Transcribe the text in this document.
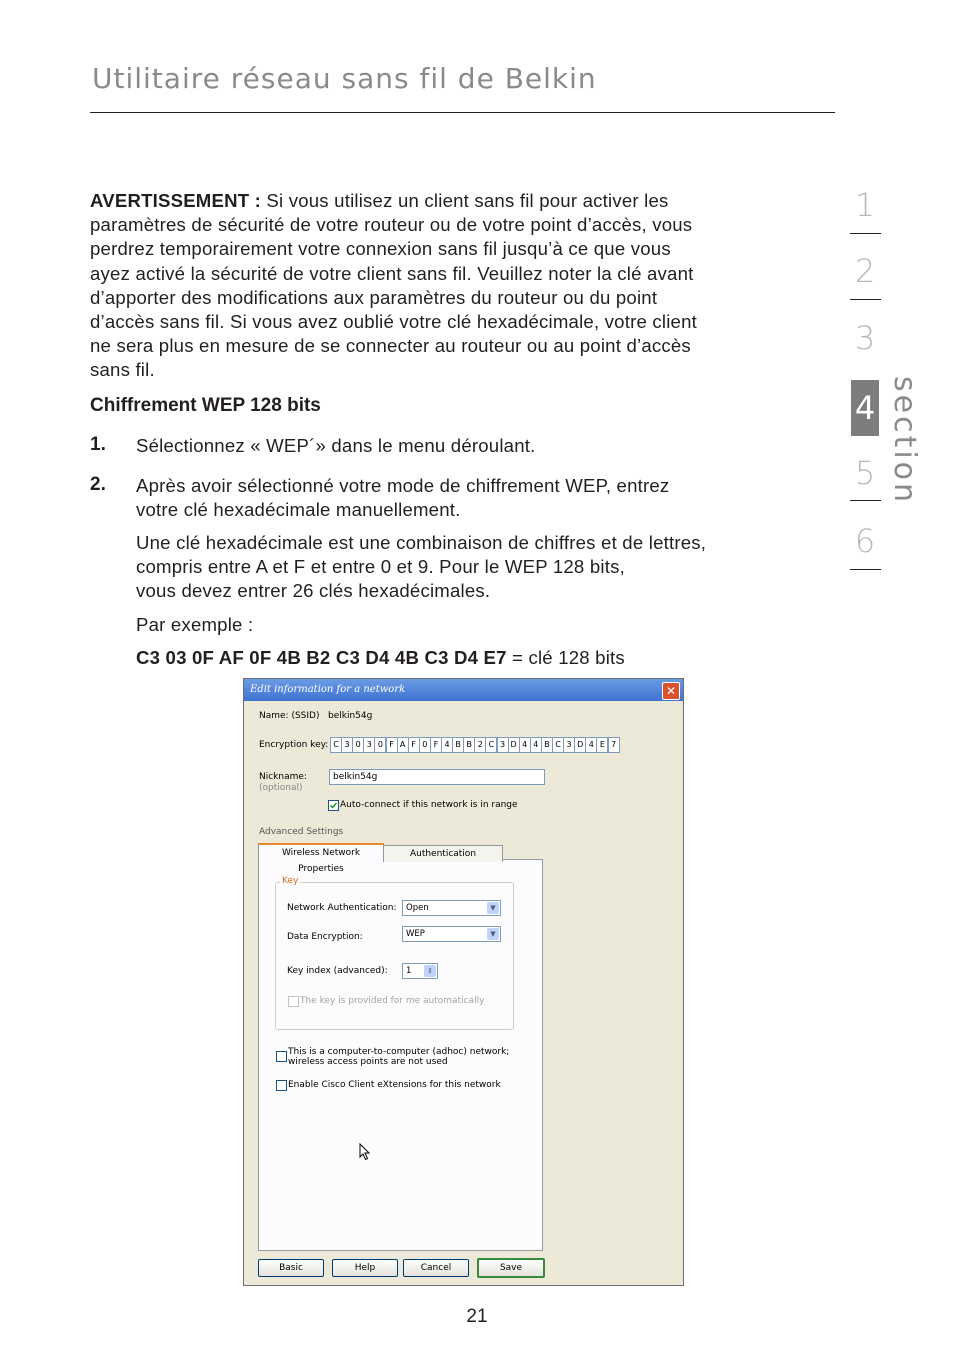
Utilitaire réseau sans fil de Belkin
AVERTISSEMENT : Si vous utilisez un client sans fil pour activer les
paramètres de sécurité de votre routeur ou de votre point d’accès, vous
perdrez temporairement votre connexion sans fil jusqu’à ce que vous
ayez activé la sécurité de votre client sans fil. Veuillez noter la clé avant
d’apporter des modifications aux paramètres du routeur ou du point
d’accès sans fil. Si vous avez oublié votre clé hexadécimale, votre client
ne sera plus en mesure de se connecter au routeur ou au point d’accès
sans fil.
Chiffrement WEP 128 bits
1. Sélectionnez « WEP´» dans le menu déroulant.
2. Après avoir sélectionné votre mode de chiffrement WEP, entrez
votre clé hexadécimale manuellement.
Une clé hexadécimale est une combinaison de chiffres et de lettres,
compris entre A et F et entre 0 et 9. Pour le WEP 128 bits,
vous devez entrer 26 clés hexadécimales.
Par exemple :
C3 03 0F AF 0F 4B B2 C3 D4 4B C3 D4 E7 = clé 128 bits
1
2
3
4
5
6
section
Edit information for a network	✕
Name: (SSID) belkin54g
Encryption key: C 3 0 3 0 F A F 0 F 4 B B 2 C 3 D 4 4 B C 3 D 4 E 7
Nickname:
(optional)
belkin54g
Auto-connect if this network is in range
Advanced Settings
Wireless Network Properties
Authentication
Key
Network Authentication:	Open	▼
Data Encryption:	WEP	▼
Key index (advanced):	1	⇕
The key is provided for me automatically
This is a computer-to-computer (adhoc) network;
wireless access points are not used
Enable Cisco Client eXtensions for this network
Basic	Help	Cancel	Save
21
